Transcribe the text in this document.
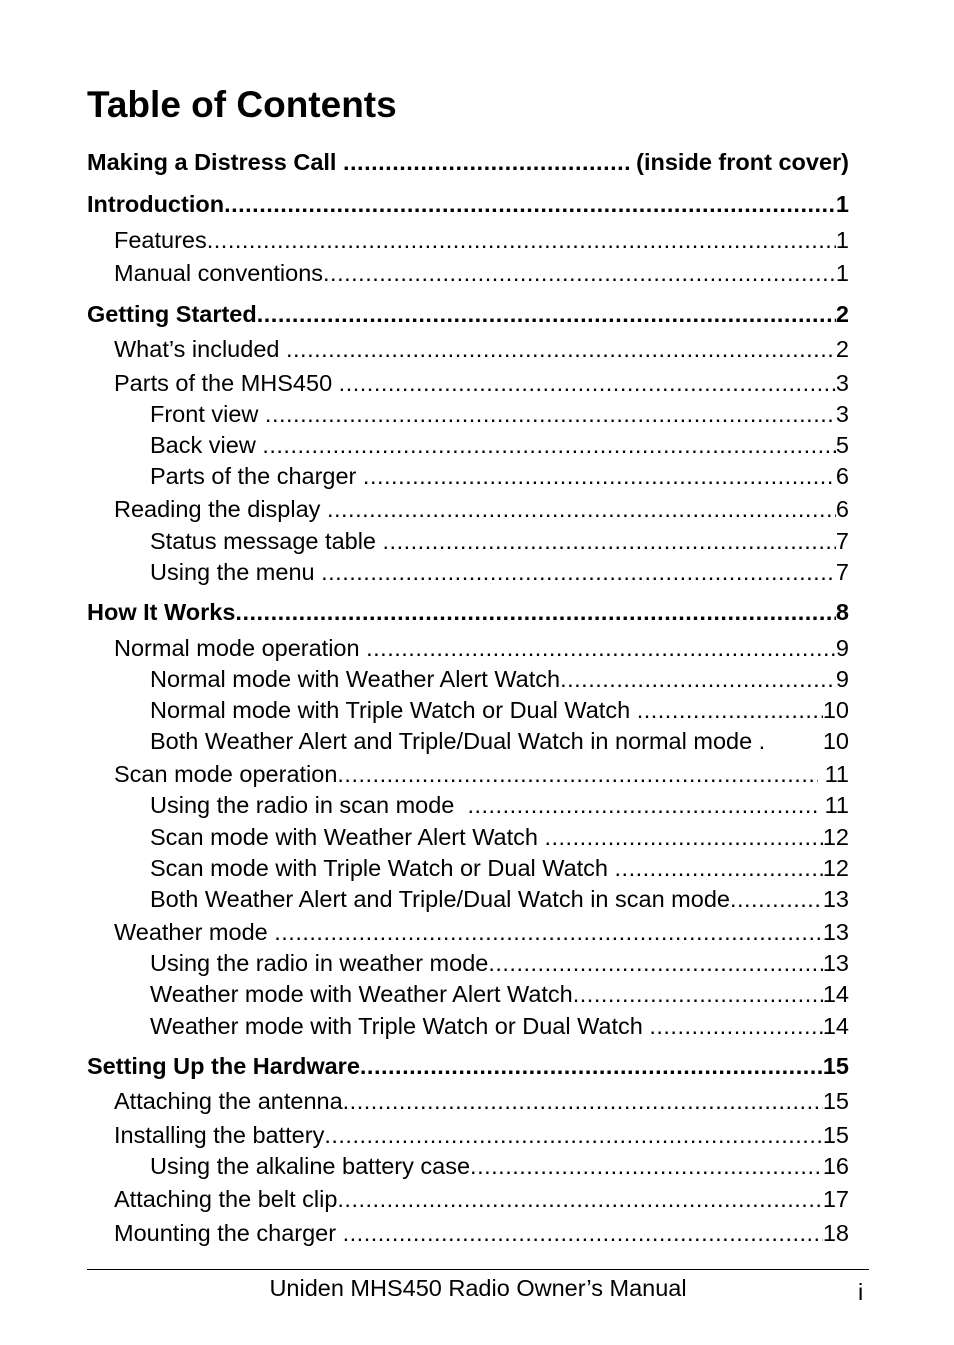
Table of Contents
Making a Distress Call .....	(inside front cover)
Introduction .....	1
Features .....	1
Manual conventions .....	1
Getting Started .....	2
What’s included .....	2
Parts of the MHS450 .....	3
Front view .....	3
Back view .....	5
Parts of the charger .....	6
Reading the display .....	6
Status message table .....	7
Using the menu .....	7
How It Works .....	8
Normal mode operation .....	9
Normal mode with Weather Alert Watch .....	9
Normal mode with Triple Watch or Dual Watch .....	10
Both Weather Alert and Triple/Dual Watch in normal mode . 10
Scan mode operation .....	11
Using the radio in scan mode .....	11
Scan mode with Weather Alert Watch .....	12
Scan mode with Triple Watch or Dual Watch .....	12
Both Weather Alert and Triple/Dual Watch in scan mode .....	13
Weather mode .....	13
Using the radio in weather mode .....	13
Weather mode with Weather Alert Watch .....	14
Weather mode with Triple Watch or Dual Watch .....	14
Setting Up the Hardware .....	15
Attaching the antenna .....	15
Installing the battery .....	15
Using the alkaline battery case .....	16
Attaching the belt clip .....	17
Mounting the charger .....	18
Uniden MHS450 Radio Owner’s Manual	i
